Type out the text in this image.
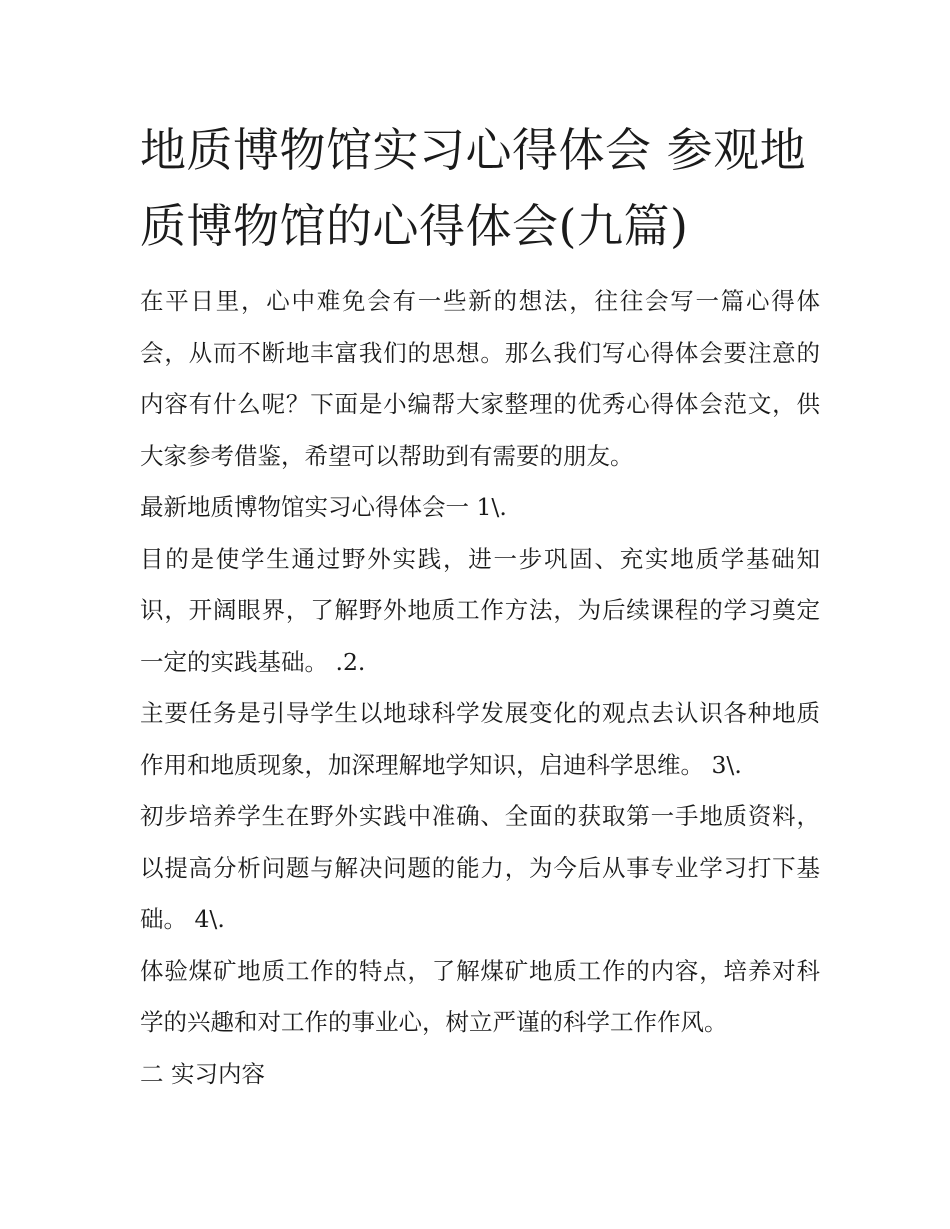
地质博物馆实习心得体会 参观地质博物馆的心得体会(九篇)

在平日里，心中难免会有一些新的想法，往往会写一篇心得体会，从而不断地丰富我们的思想。那么我们写心得体会要注意的内容有什么呢？下面是小编帮大家整理的优秀心得体会范文，供大家参考借鉴，希望可以帮助到有需要的朋友。

最新地质博物馆实习心得体会一 1\.

目的是使学生通过野外实践，进一步巩固、充实地质学基础知识，开阔眼界，了解野外地质工作方法，为后续课程的学习奠定一定的实践基础。 .2.

主要任务是引导学生以地球科学发展变化的观点去认识各种地质作用和地质现象，加深理解地学知识，启迪科学思维。 3\.

初步培养学生在野外实践中准确、全面的获取第一手地质资料，以提高分析问题与解决问题的能力，为今后从事专业学习打下基础。 4\.

体验煤矿地质工作的特点，了解煤矿地质工作的内容，培养对科学的兴趣和对工作的事业心，树立严谨的科学工作作风。

二 实习内容
